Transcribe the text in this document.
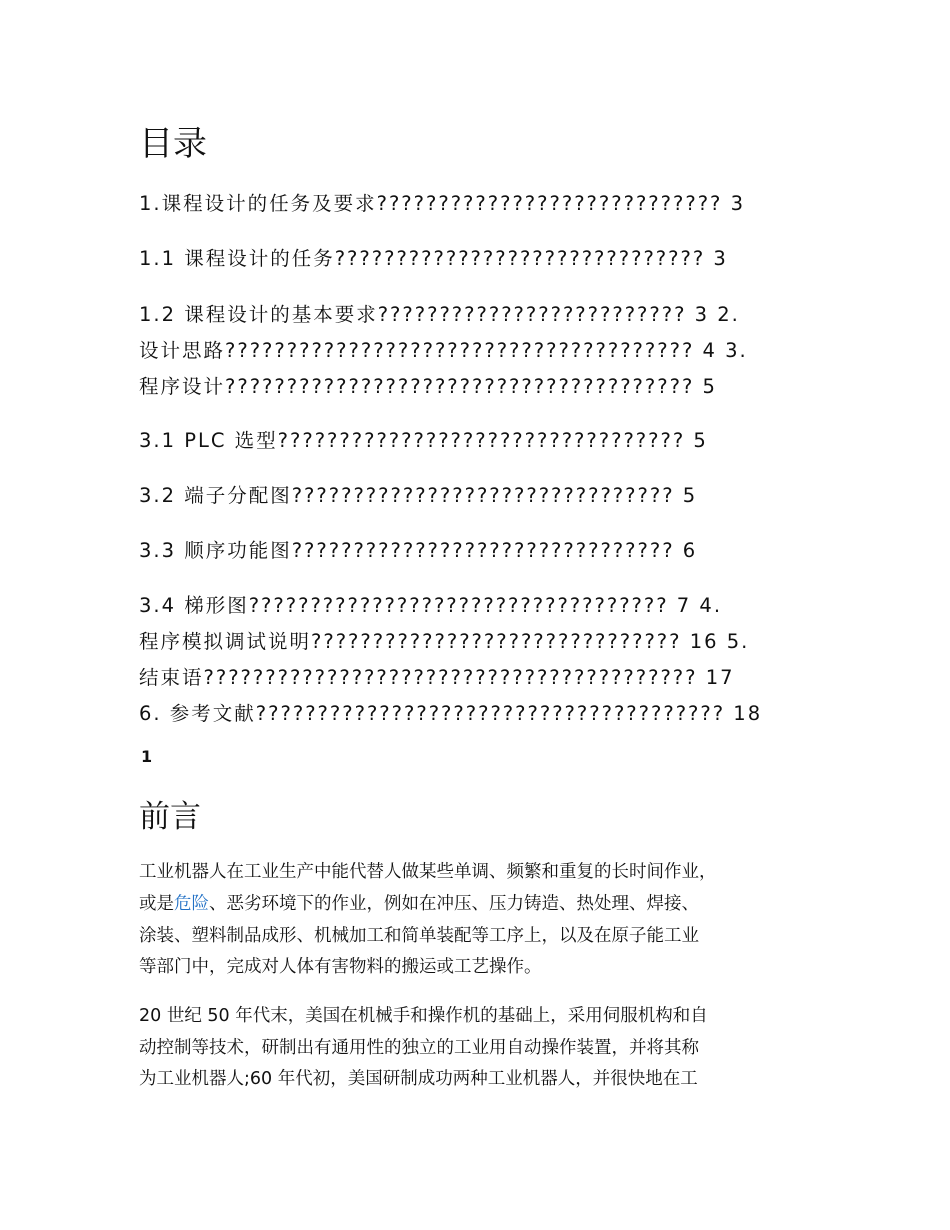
目录
1.课程设计的任务及要求???????????????????????????? 3
1.1 课程设计的任务?????????????????????????????? 3
1.2 课程设计的基本要求????????????????????????? 3 2.
设计思路?????????????????????????????????????? 4 3.
程序设计?????????????????????????????????????? 5
3.1 PLC 选型????????????????????????????????? 5
3.2 端子分配图??????????????????????????????? 5
3.3 顺序功能图??????????????????????????????? 6
3.4 梯形图?????????????????????????????????? 7 4.
程序模拟调试说明?????????????????????????????? 16 5.
结束语???????????????????????????????????????? 17
6. 参考文献?????????????????????????????????????? 18
1
前言
工业机器人在工业生产中能代替人做某些单调、频繁和重复的长时间作业，
或是危险、恶劣环境下的作业，例如在冲压、压力铸造、热处理、焊接、
涂装、塑料制品成形、机械加工和简单装配等工序上，以及在原子能工业
等部门中，完成对人体有害物料的搬运或工艺操作。
20 世纪 50 年代末，美国在机械手和操作机的基础上，采用伺服机构和自
动控制等技术，研制出有通用性的独立的工业用自动操作装置，并将其称
为工业机器人;60 年代初，美国研制成功两种工业机器人，并很快地在工
